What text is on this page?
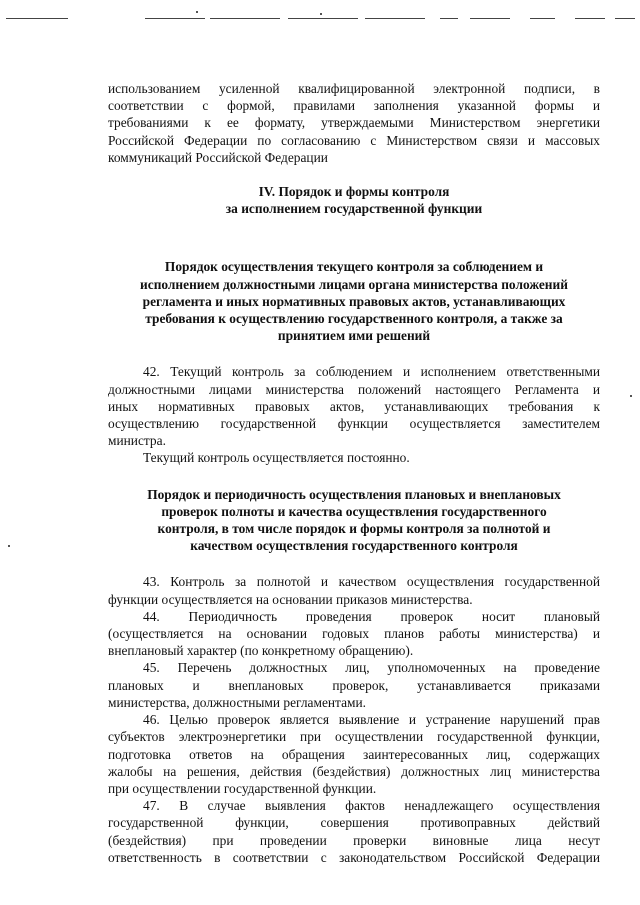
использованием усиленной квалифицированной электронной подписи, в
соответствии с формой, правилами заполнения указанной формы и
требованиями к ее формату, утверждаемыми Министерством энергетики
Российской Федерации по согласованию с Министерством связи и массовых
коммуникаций Российской Федерации

IV. Порядок и формы контроля
за исполнением государственной функции
Порядок осуществления текущего контроля за соблюдением и
исполнением должностными лицами органа министерства положений
регламента и иных нормативных правовых актов, устанавливающих
требования к осуществлению государственного контроля, а также за
принятием ими решений

42. Текущий контроль за соблюдением и исполнением ответственными
должностными лицами министерства положений настоящего Регламента и
иных нормативных правовых актов, устанавливающих требования к
осуществлению государственной функции осуществляется заместителем
министра.

Текущий контроль осуществляется постоянно.

Порядок и периодичность осуществления плановых и внеплановых
проверок полноты и качества осуществления государственного
контроля, в том числе порядок и формы контроля за полнотой и
качеством осуществления государственного контроля

43. Контроль за полнотой и качеством осуществления государственной
функции осуществляется на основании приказов министерства.

44. Периодичность проведения проверок носит плановый
(осуществляется на основании годовых планов работы министерства) и
внеплановый характер (по конкретному обращению).

45. Перечень должностных лиц, уполномоченных на проведение
плановых и внеплановых проверок, устанавливается приказами
министерства, должностными регламентами.

46. Целью проверок является выявление и устранение нарушений прав
субъектов электроэнергетики при осуществлении государственной функции,
подготовка ответов на обращения заинтересованных лиц, содержащих
жалобы на решения, действия (бездействия) должностных лиц министерства
при осуществлении государственной функции.

47. В случае выявления фактов ненадлежащего осуществления
государственной функции, совершения противоправных действий
(бездействия) при проведении проверки виновные лица несут
ответственность в соответствии с законодательством Российской Федерации
